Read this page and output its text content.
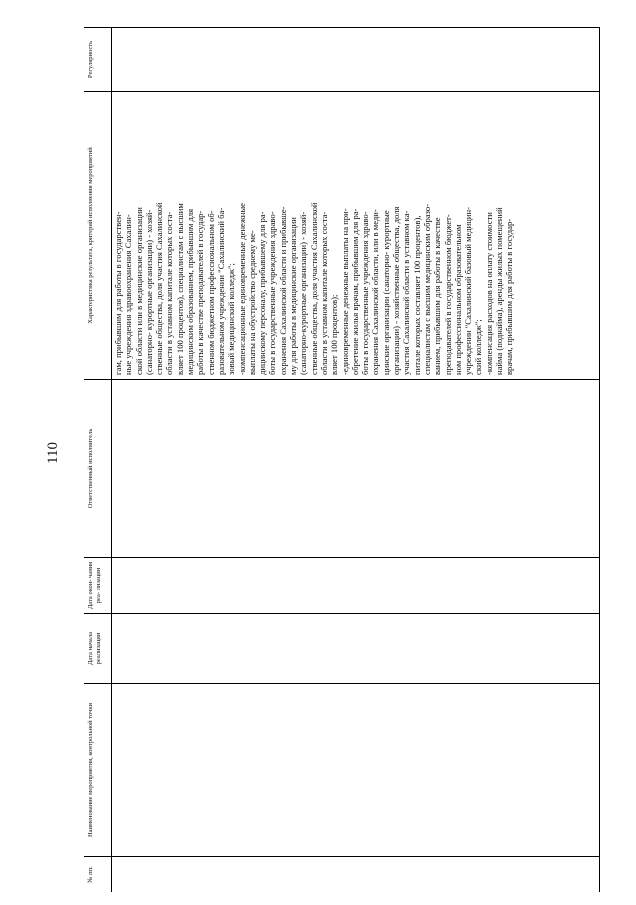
110
№ пп.
Наименование мероприятия, контрольной точки
Дата начала реализации
Дата окон- чания реа- лизации
Ответственный исполнитель
Характеристика результата, критерий исполнения мероприятий
Регулярность
гам, прибывшим для работы в государствен-
ные учреждения здравоохранения Сахалин-
ской области или в медицинские организации
(санаторно- курортные организации) - хозяй-
ственные общества, доля участия Сахалинской
области в уставном капитале которых соста-
вляет 100 процентов), специалистам с высшим
медицинским образованием, прибывшим для
работы в качестве преподавателей в государ-
ственном бюджетном профессиональном об-
разовательном учреждении "Сахалинский ба-
зовый медицинский колледж";
-компенсационные единовременные денежные
выплаты на обустройство среднему ме-
дицинскому персоналу, прибывшему для ра-
боты в государственные учреждения здраво-
охранения Сахалинской области и прибывше-
му для работы в медицинские организации
(санаторно-курортные организации) - хозяй-
ственные общества, доля участия Сахалинской
области в уставном капитале которых соста-
вляет 100 процентов);
-единовременные денежные выплаты на при-
обретение жилья врачам, прибывшим для ра-
боты в государственные учреждения здраво-
охранения Сахалинской области, или в меди-
цинские организации (санаторно- курортные
организации) - хозяйственные общества, доля
участия Сахалинской области в уставном ка-
питале которых составляет 100 процентов),
специалистам с высшим медицинским образо-
ванием, прибывшим для работы в качестве
преподавателей в государственном бюджет-
ном профессиональном образовательном
учреждении "Сахалинский базовый медицин-
ский колледж";
-компенсация расходов на оплату стоимости
найма (поднайма), аренды жилых помещений
врачам, прибывшим для работы в государ-
